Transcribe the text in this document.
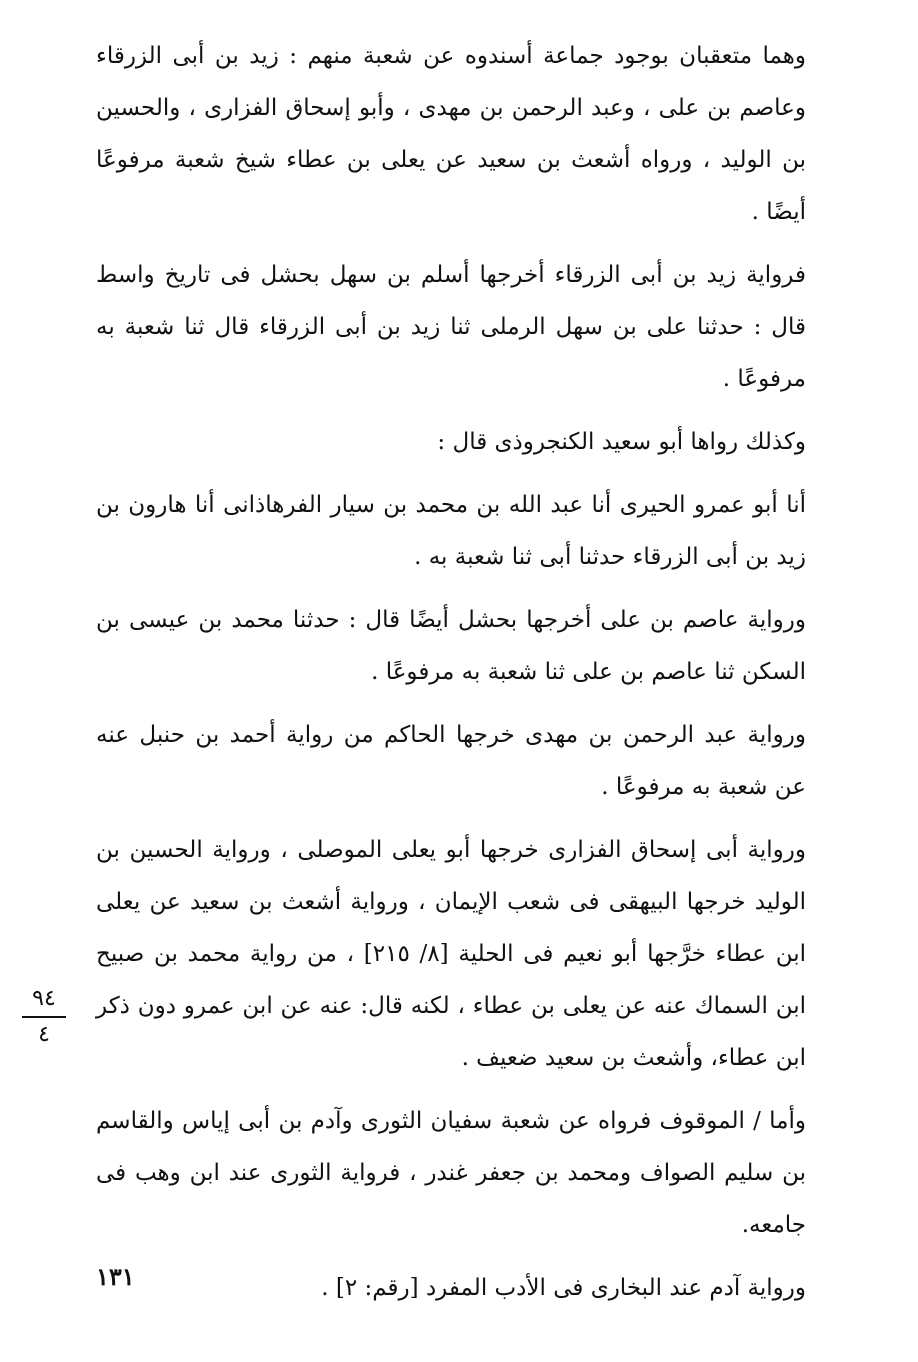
وهما متعقبان بوجود جماعة أسندوه عن شعبة منهم : زيد بن أبى الزرقاء وعاصم بن على ، وعبد الرحمن بن مهدى ، وأبو إسحاق الفزارى ، والحسين بن الوليد ، ورواه أشعث بن سعيد عن يعلى بن عطاء شيخ شعبة مرفوعًا أيضًا .

فرواية زيد بن أبى الزرقاء أخرجها أسلم بن سهل بحشل فى تاريخ واسط قال : حدثنا على بن سهل الرملى ثنا زيد بن أبى الزرقاء قال ثنا شعبة به مرفوعًا .

وكذلك رواها أبو سعيد الكنجروذى قال :

أنا أبو عمرو الحيرى أنا عبد الله بن محمد بن سيار الفرهاذانى أنا هارون بن زيد بن أبى الزرقاء حدثنا أبى ثنا شعبة به .

ورواية عاصم بن على أخرجها بحشل أيضًا قال : حدثنا محمد بن عيسى بن السكن ثنا عاصم بن على ثنا شعبة به مرفوعًا .

ورواية عبد الرحمن بن مهدى خرجها الحاكم من رواية أحمد بن حنبل عنه عن شعبة به مرفوعًا .

ورواية أبى إسحاق الفزارى خرجها أبو يعلى الموصلى ، ورواية الحسين بن الوليد خرجها البيهقى فى شعب الإيمان ، ورواية أشعث بن سعيد عن يعلى ابن عطاء خرَّجها أبو نعيم فى الحلية [٨/ ٢١٥] ، من رواية محمد بن صبيح ابن السماك عنه عن يعلى بن عطاء ، لكنه قال: عنه عن ابن عمرو دون ذكر ابن عطاء، وأشعث بن سعيد ضعيف .

وأما / الموقوف فرواه عن شعبة سفيان الثورى وآدم بن أبى إياس والقاسم بن سليم الصواف ومحمد بن جعفر غندر ، فرواية الثورى عند ابن وهب فى جامعه.

ورواية آدم عند البخارى فى الأدب المفرد [رقم: ٢] .

٩٤
٤
١٣١
